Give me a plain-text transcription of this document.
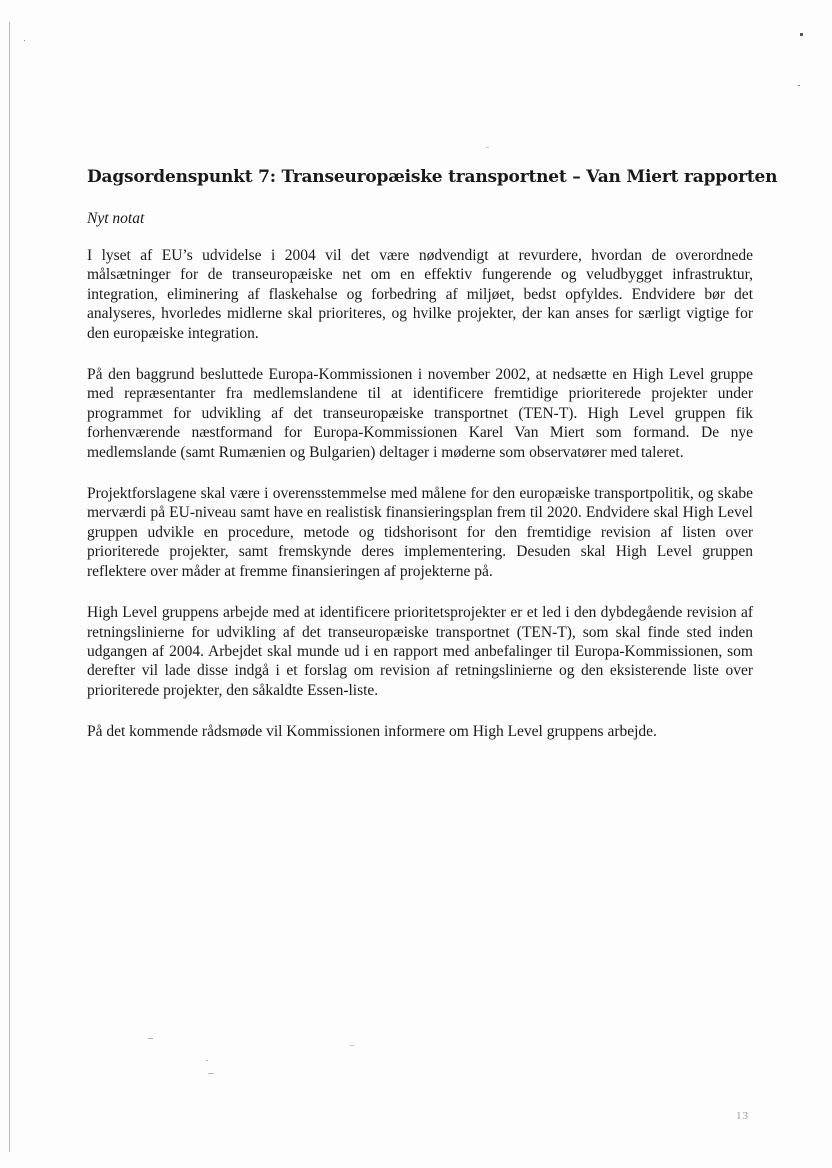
Dagsordenspunkt 7: Transeuropæiske transportnet – Van Miert rapporten

Nyt notat

I lyset af EU’s udvidelse i 2004 vil det være nødvendigt at revurdere, hvordan de overordnede målsætninger for de transeuropæiske net om en effektiv fungerende og veludbygget infrastruktur, integration, eliminering af flaskehalse og forbedring af miljøet, bedst opfyldes. Endvidere bør det analyseres, hvorledes midlerne skal prioriteres, og hvilke projekter, der kan anses for særligt vigtige for den europæiske integration.

På den baggrund besluttede Europa-Kommissionen i november 2002, at nedsætte en High Level gruppe med repræsentanter fra medlemslandene til at identificere fremtidige prioriterede projekter under programmet for udvikling af det transeuropæiske transportnet (TEN-T). High Level gruppen fik forhenværende næstformand for Europa-Kommissionen Karel Van Miert som formand. De nye medlemslande (samt Rumænien og Bulgarien) deltager i møderne som observatører med taleret.

Projektforslagene skal være i overensstemmelse med målene for den europæiske transportpolitik, og skabe merværdi på EU-niveau samt have en realistisk finansieringsplan frem til 2020. Endvidere skal High Level gruppen udvikle en procedure, metode og tidshorisont for den fremtidige revision af listen over prioriterede projekter, samt fremskynde deres implementering. Desuden skal High Level gruppen reflektere over måder at fremme finansieringen af projekterne på.

High Level gruppens arbejde med at identificere prioritetsprojekter er et led i den dybdegående revision af retningslinierne for udvikling af det transeuropæiske transportnet (TEN-T), som skal finde sted inden udgangen af 2004. Arbejdet skal munde ud i en rapport med anbefalinger til Europa-Kommissionen, som derefter vil lade disse indgå i et forslag om revision af retningslinierne og den eksisterende liste over prioriterede projekter, den såkaldte Essen-liste.

På det kommende rådsmøde vil Kommissionen informere om High Level gruppens arbejde.

13
